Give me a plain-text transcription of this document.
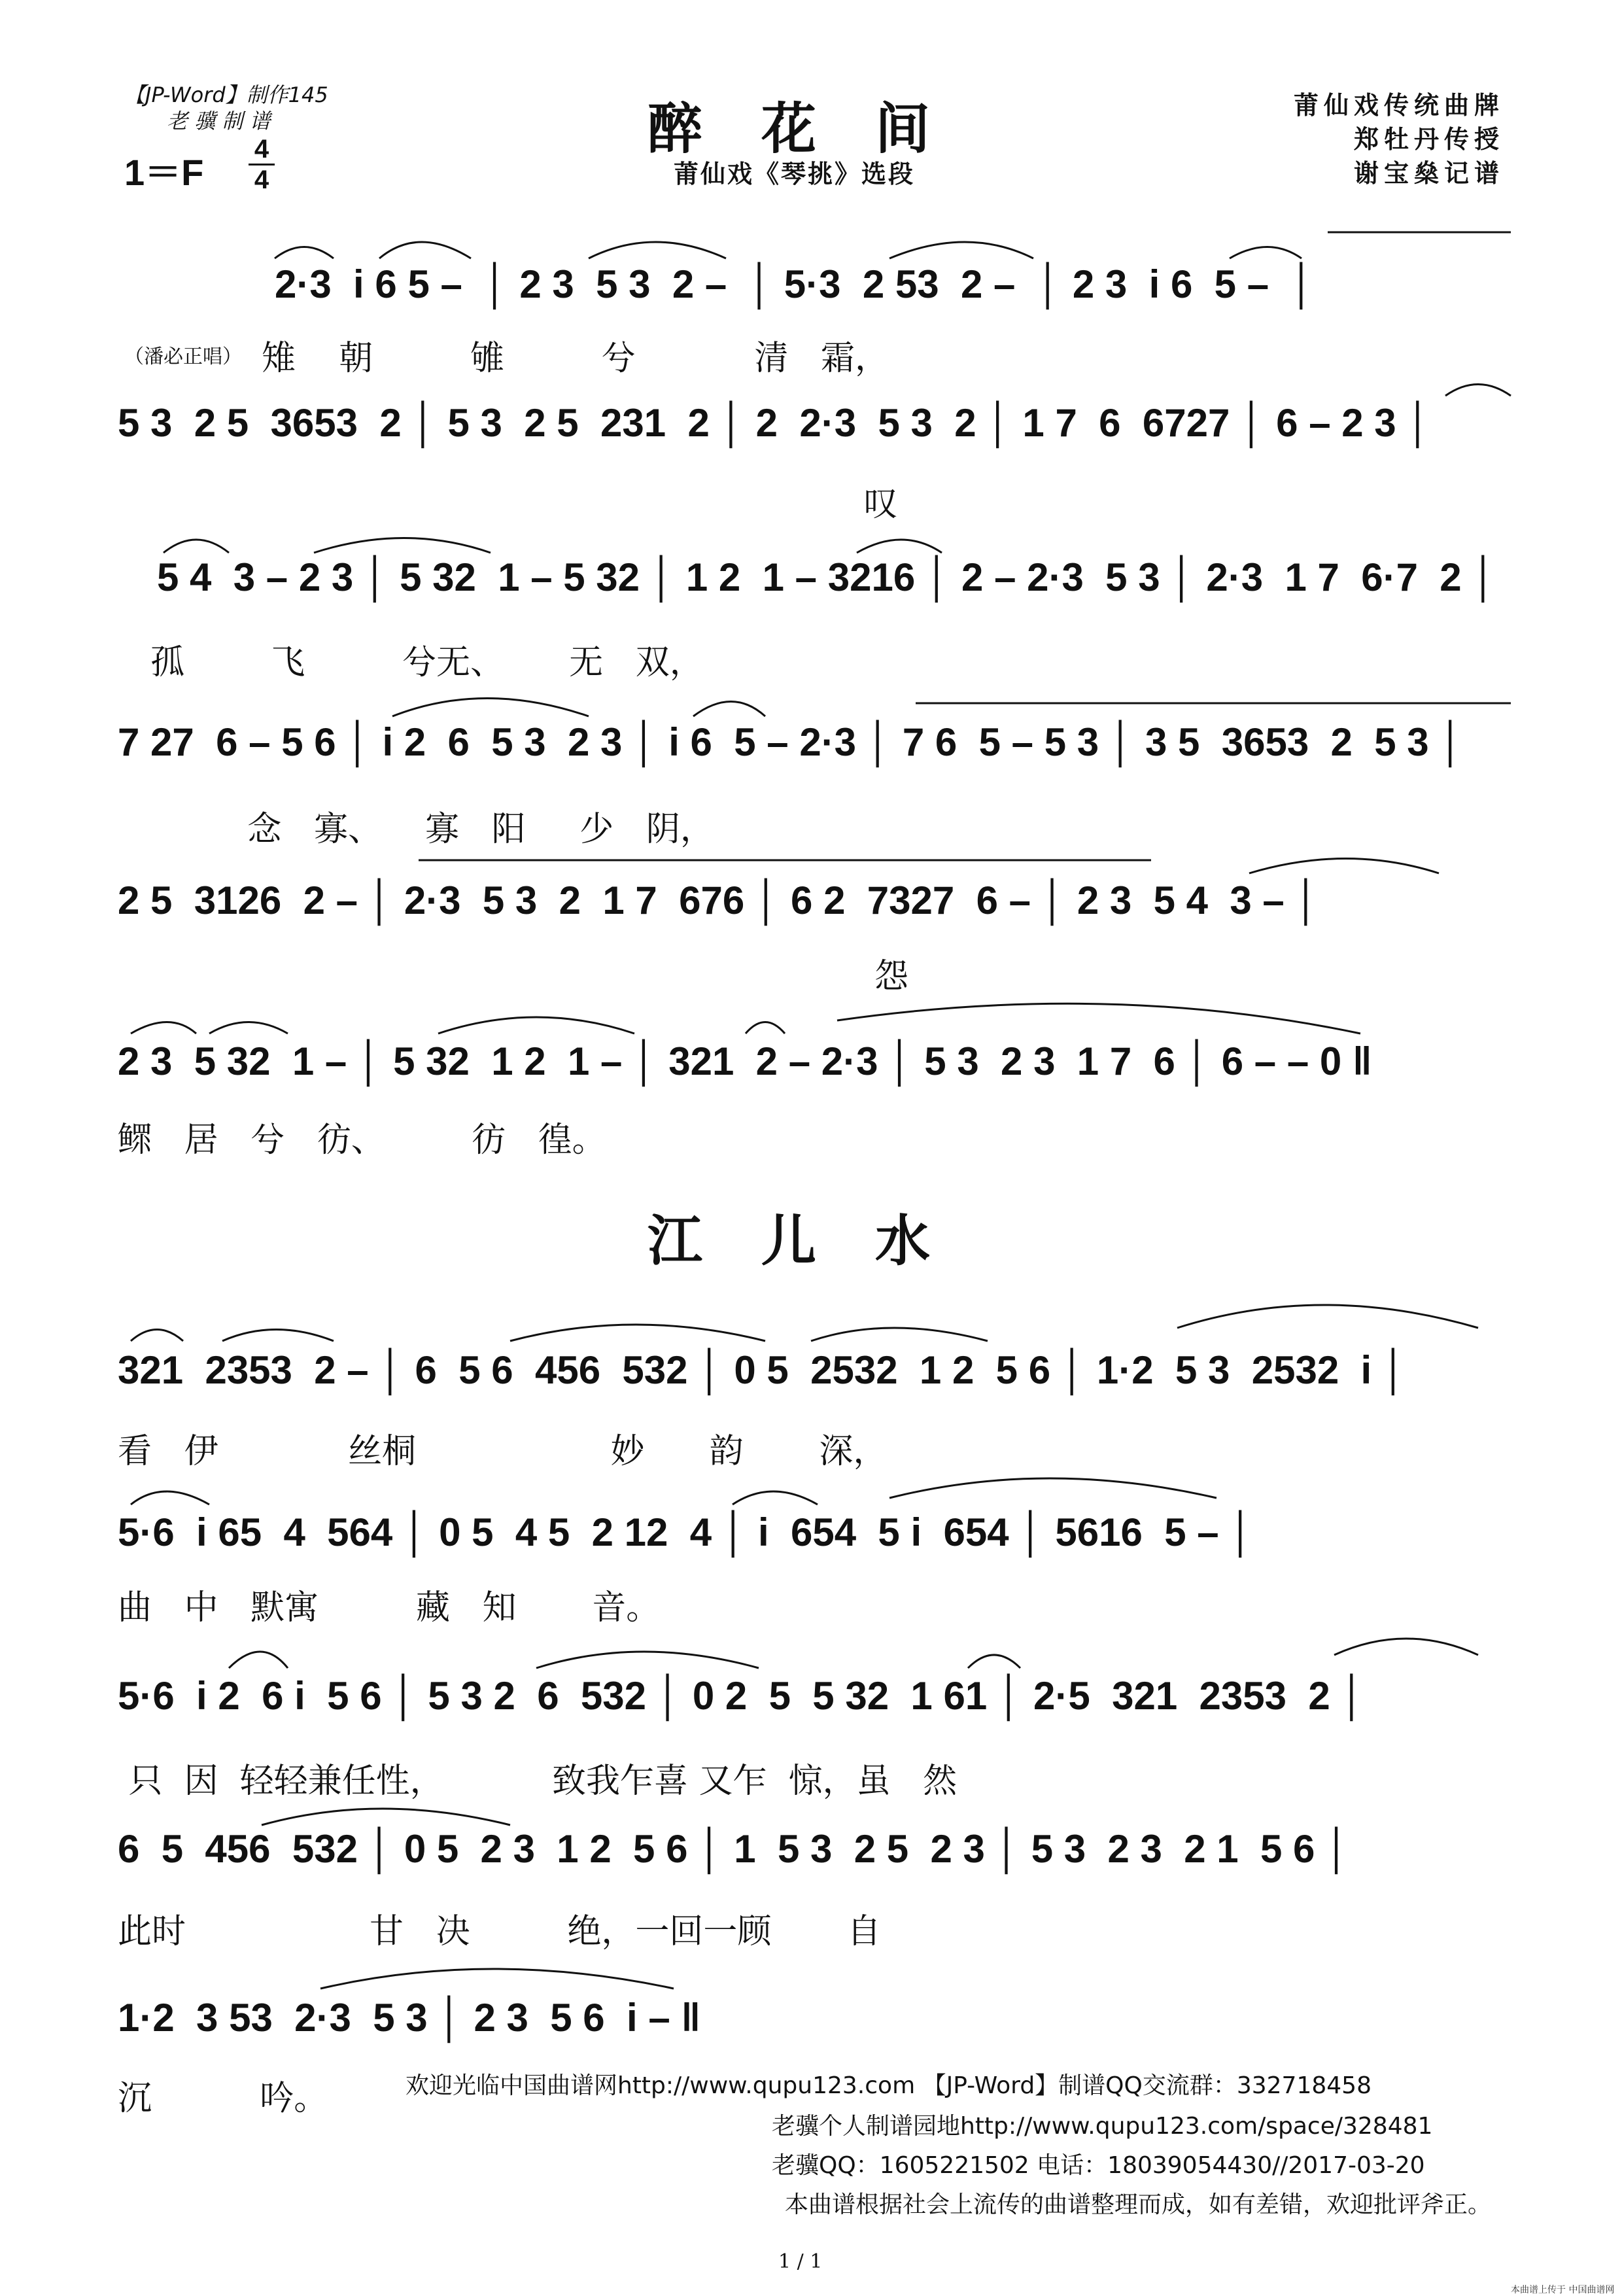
【JP-Word】制作145
老 骥 制 谱
1＝F
4
4
醉花间
莆仙戏《琴挑》选段
莆仙戏传统曲牌
郑牡丹传授
谢宝燊记谱
（潘必正唱）
2·3  i 6 5 –  │ 2 3  5 3  2 –  │ 5·3  2 53  2 –  │ 2 3  i 6  5 –  │
雉    朝         雊         兮           清   霜，
5 3  2 5  3653  2 │ 5 3  2 5  231  2 │ 2  2·3  5 3  2 │ 1 7  6  6727 │ 6 – 2 3 │
叹
5 4  3 – 2 3 │ 5 32  1 – 5 32 │ 1 2  1 – 3216 │ 2 – 2·3  5 3 │ 2·3  1 7  6·7  2 │
孤        飞         兮无、      无   双，
7 27  6 – 5 6 │ i 2  6  5 3  2 3 │ i 6  5 – 2·3 │ 7 6  5 – 5 3 │ 3 5  3653  2  5 3 │
念   寡、    寡   阳     少   阴，
2 5  3126  2 – │ 2·3  5 3  2  1 7  676 │ 6 2  7327  6 – │ 2 3  5 4  3 – │
怨
2 3  5 32  1 – │ 5 32  1 2  1 – │ 321  2 – 2·3 │ 5 3  2 3  1 7  6 │ 6 – – 0 ‖
鳏   居   兮   彷、        彷   徨。
江儿水
321  2353  2 – │ 6  5 6  456  532 │ 0 5  2532  1 2  5 6 │ 1·2  5 3  2532  i │
看   伊            丝桐                  妙      韵       深，
5·6  i 65  4  564 │ 0 5  4 5  2 12  4 │ i  654  5 i  654 │ 5616  5 – │
曲   中   默寓         藏   知       音。
5·6  i 2  6 i  5 6 │ 5 3 2  6  532 │ 0 2  5  5 32  1 61 │ 2·5  321  2353  2 │
只  因  轻轻兼任性，          致我乍喜 又乍  惊，虽   然
6  5  456  532 │ 0 5  2 3  1 2  5 6 │ 1  5 3  2 5  2 3 │ 5 3  2 3  2 1  5 6 │
此时                 甘   决         绝，一回一顾       自
1·2  3 53  2·3  5 3 │ 2 3  5 6  i – ‖
沉          吟。	欢迎光临中国曲谱网http://www.qupu123.com 【JP-Word】制谱QQ交流群：332718458
老骥个人制谱园地http://www.qupu123.com/space/328481
老骥QQ：1605221502 电话：18039054430//2017-03-20
本曲谱根据社会上流传的曲谱整理而成，如有差错，欢迎批评斧正。
1 / 1
本曲谱上传于 中国曲谱网
